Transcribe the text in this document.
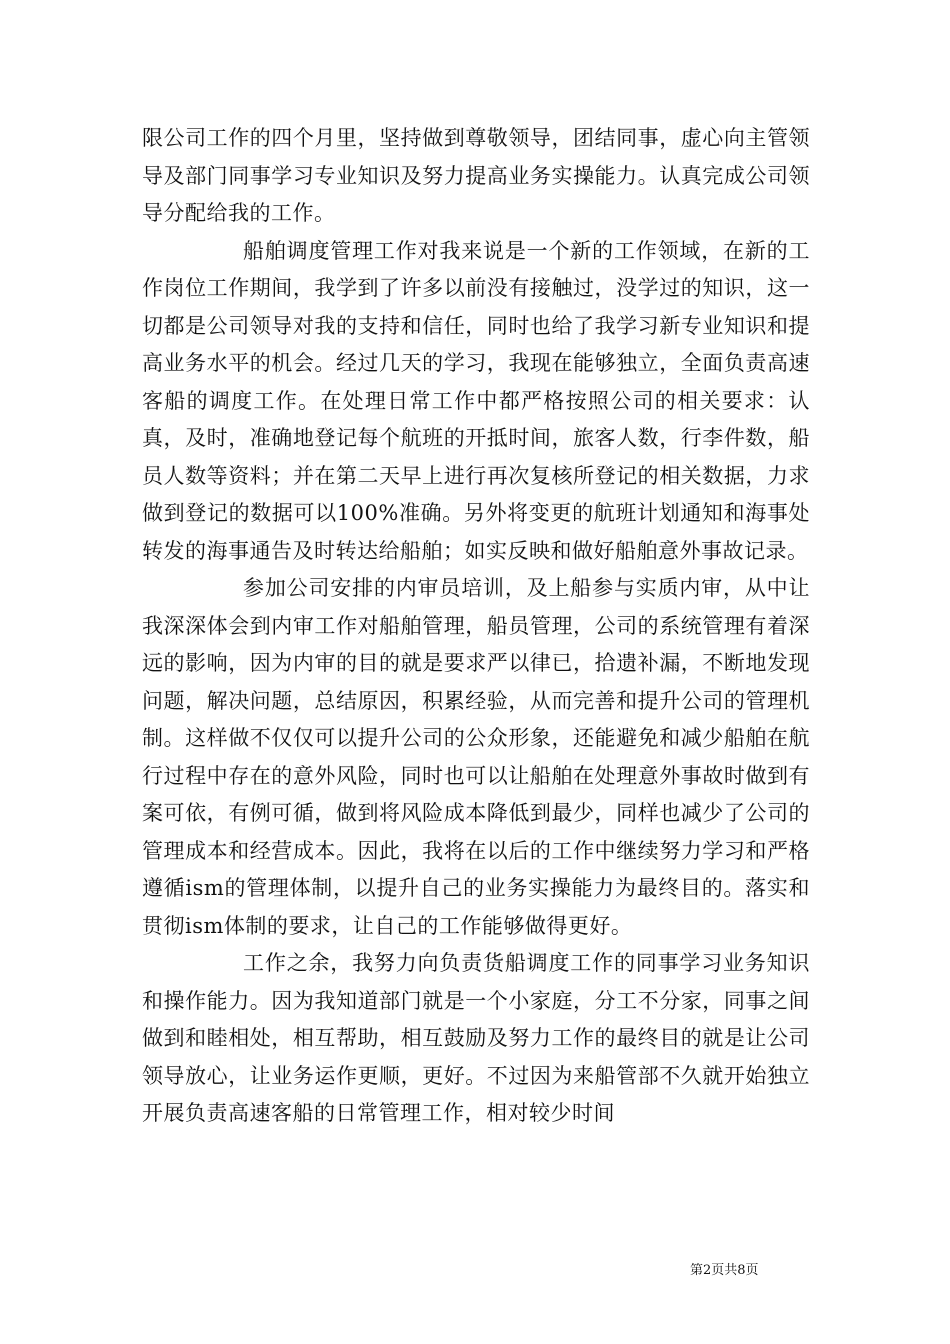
限公司工作的四个月里，坚持做到尊敬领导，团结同事，虚心向主管领导及部门同事学习专业知识及努力提高业务实操能力。认真完成公司领导分配给我的工作。

船舶调度管理工作对我来说是一个新的工作领域，在新的工作岗位工作期间，我学到了许多以前没有接触过，没学过的知识，这一切都是公司领导对我的支持和信任，同时也给了我学习新专业知识和提高业务水平的机会。经过几天的学习，我现在能够独立，全面负责高速客船的调度工作。在处理日常工作中都严格按照公司的相关要求：认真，及时，准确地登记每个航班的开抵时间，旅客人数，行李件数，船员人数等资料；并在第二天早上进行再次复核所登记的相关数据，力求做到登记的数据可以100%准确。另外将变更的航班计划通知和海事处转发的海事通告及时转达给船舶；如实反映和做好船舶意外事故记录。

参加公司安排的内审员培训，及上船参与实质内审，从中让我深深体会到内审工作对船舶管理，船员管理，公司的系统管理有着深远的影响，因为内审的目的就是要求严以律已，拾遗补漏，不断地发现问题，解决问题，总结原因，积累经验，从而完善和提升公司的管理机制。这样做不仅仅可以提升公司的公众形象，还能避免和减少船舶在航行过程中存在的意外风险，同时也可以让船舶在处理意外事故时做到有案可依，有例可循，做到将风险成本降低到最少，同样也减少了公司的管理成本和经营成本。因此，我将在以后的工作中继续努力学习和严格遵循ism的管理体制，以提升自己的业务实操能力为最终目的。落实和贯彻ism体制的要求，让自己的工作能够做得更好。

工作之余，我努力向负责货船调度工作的同事学习业务知识和操作能力。因为我知道部门就是一个小家庭，分工不分家，同事之间做到和睦相处，相互帮助，相互鼓励及努力工作的最终目的就是让公司领导放心，让业务运作更顺，更好。不过因为来船管部不久就开始独立开展负责高速客船的日常管理工作，相对较少时间

第2页共8页
